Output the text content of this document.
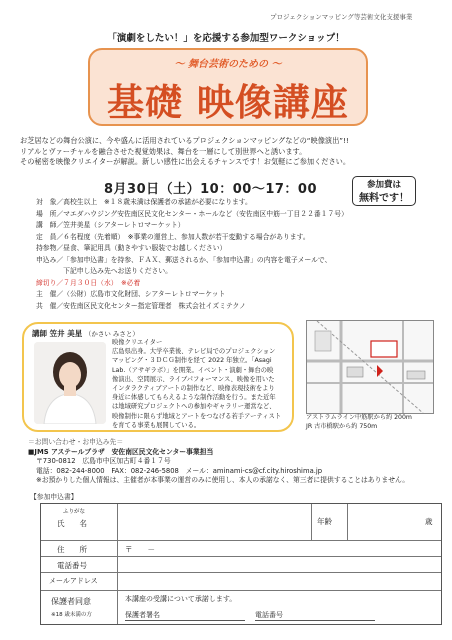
プロジェクションマッピング等芸術文化支援事業
「演劇をしたい！」を応援する参加型ワークショップ！
～ 舞台芸術のための ～
基礎 映像講座
お芝居などの舞台公演に、今や盛んに活用されているプロジェクションマッピングなどの“映像演出”!!
リアルとヴァーチャルを融合させた視覚効果は、舞台を一層にして別世界へと誘います。
その秘密を映像クリエイターが解説。新しい感性に出会えるチャンスです！お気軽にご参加ください。
8月30日（土）10：00～17：00	参加費は
無料です！
対　象／高校生以上　※１８歳未満は保護者の承諾が必要になります。
場　所／マエダハウジング安佐南区民文化センター・ホールなど（安佐南区中筋一丁目２２番１７号）
講　師／笠井美星（シアターレトロマーケット）
定　員／６名程度（先着順）　※事業の運営上、参加人数が若干変動する場合があります。
持参物／昼食、筆記用具（動きやすい服装でお越しください）
申込み／「参加申込書」を持参、ＦＡＸ、郵送されるか、「参加申込書」の内容を電子メールで、
　　　　下記申し込み先へお送りください。
締切り／７月３０日（水）　※必着
主　催／（公財）広島市文化財団、シアターレトロマーケット
共　催／安佐南区民文化センター指定管理者　株式会社イズミテクノ
講師 笠井 美星 （かさい みさと）
映像クリエイター
広島県出身。大学卒業後、テレビ局でのプロジェクション
マッピング・３ＤＣＧ制作を経て 2022 年独立。「Asagi
Lab.（アサギラボ）」を開業。イベント・演劇・舞台の映
像演出、空間展示、ライブパフォーマンス、映像を用いた
インタラクティブアートの制作など、映像表現技術をより
身近に体感してもらえるような制作活動を行う。また近年
は地域研究プロジェクトへの参加やギャラリー運営など、
映像制作に限らず地域とアートをつなげる若手アーティスト
を育てる事業も展開している。
アストラムライン中筋駅から約 200m
JR 古市橋駅から約 750m
＝お問い合わせ・お申込み先＝
■JMS アステールプラザ　安佐南区民文化センター事業担当
〒730-0812　広島市中区加古町４番１７号
電話：082-244-8000　FAX：082-246-5808　メール：aminami-cs@cf.city.hiroshima.jp
※お預かりした個人情報は、主催者が本事業の運営のみに使用し、本人の承諾なく、第三者に提供することはありません。
【参加申込書】
ふりがな
氏　　名	年齢	歳
住　　所	〒　　－
電話番号
メールアドレス
保護者同意
※18 歳未満の方
本講座の受講について承諾します。
保護者署名	電話番号
